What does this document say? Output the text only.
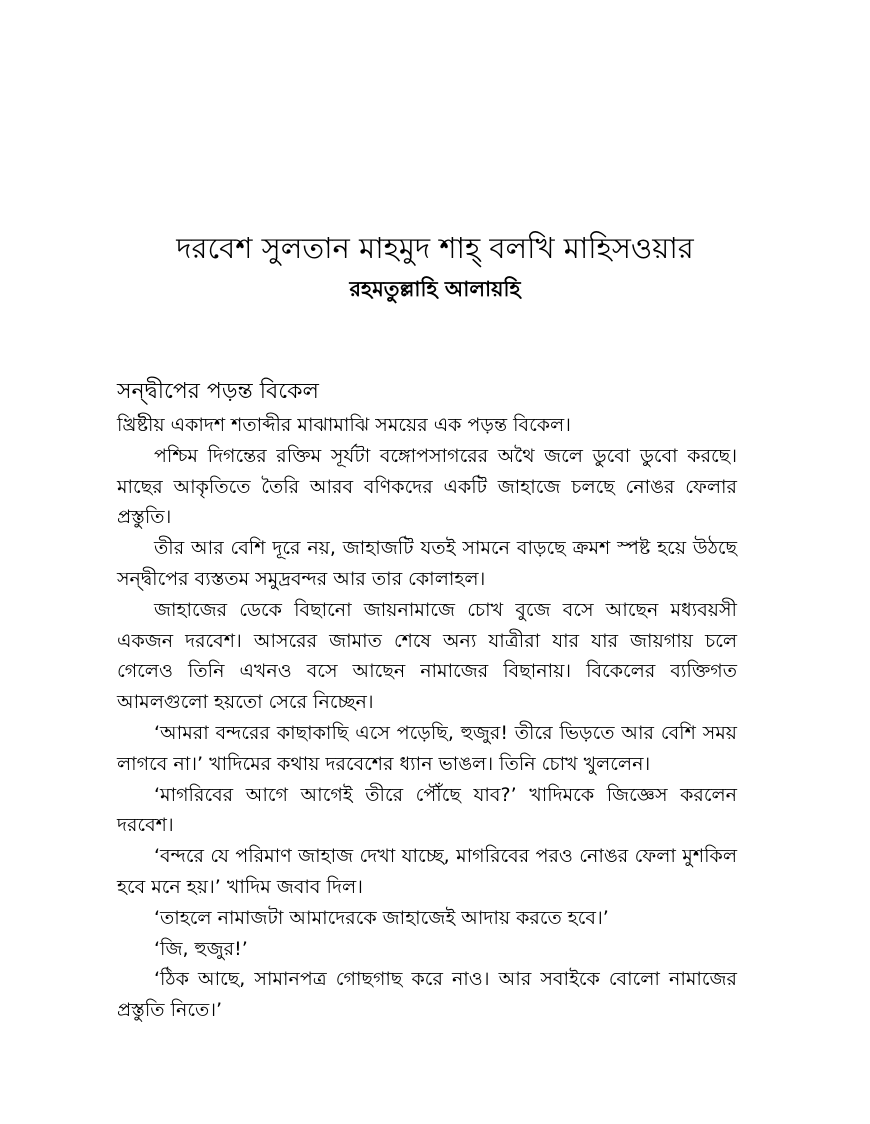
দরবেশ সুলতান মাহমুদ শাহ্ বলখি মাহিসওয়ার
রহমতুল্লাহি আলায়হি
সন্দ্বীপের পড়ন্ত বিকেল

খ্রিষ্টীয় একাদশ শতাব্দীর মাঝামাঝি সময়ের এক পড়ন্ত বিকেল।

পশ্চিম দিগন্তের রক্তিম সূর্যটা বঙ্গোপসাগরের অথৈ জলে ডুবো ডুবো করছে। মাছের আকৃতিতে তৈরি আরব বণিকদের একটি জাহাজে চলছে নোঙর ফেলার প্রস্তুতি।

তীর আর বেশি দূরে নয়, জাহাজটি যতই সামনে বাড়ছে ক্রমশ স্পষ্ট হয়ে উঠছে সন্দ্বীপের ব্যস্ততম সমুদ্রবন্দর আর তার কোলাহল।

জাহাজের ডেকে বিছানো জায়নামাজে চোখ বুজে বসে আছেন মধ্যবয়সী একজন দরবেশ। আসরের জামাত শেষে অন্য যাত্রীরা যার যার জায়গায় চলে গেলেও তিনি এখনও বসে আছেন নামাজের বিছানায়। বিকেলের ব্যক্তিগত আমলগুলো হয়তো সেরে নিচ্ছেন।

‘আমরা বন্দরের কাছাকাছি এসে পড়েছি, হুজুর! তীরে ভিড়তে আর বেশি সময় লাগবে না।’ খাদিমের কথায় দরবেশের ধ্যান ভাঙল। তিনি চোখ খুললেন।

‘মাগরিবের আগে আগেই তীরে পৌঁছে যাব?’ খাদিমকে জিজ্ঞেস করলেন দরবেশ।

‘বন্দরে যে পরিমাণ জাহাজ দেখা যাচ্ছে, মাগরিবের পরও নোঙর ফেলা মুশকিল হবে মনে হয়।’ খাদিম জবাব দিল।

‘তাহলে নামাজটা আমাদেরকে জাহাজেই আদায় করতে হবে।’

‘জি, হুজুর!’

‘ঠিক আছে, সামানপত্র গোছগাছ করে নাও। আর সবাইকে বোলো নামাজের প্রস্তুতি নিতে।’
